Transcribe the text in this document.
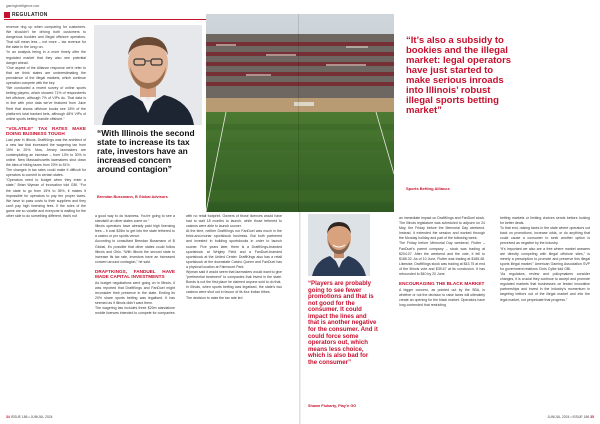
gamingintelligence.com
REGULATION

revenue ring up when comparing for customers. We shouldn’t be driving both customers to dangerous bookies and illegal offshore operators. That will mean less – not more – tax revenue for the state in the long run.

“In an analysis being in a more timely offer the regulated market that they also see potential danger ahead.

“One aspect of the Alliance response we’d refer to that we think states are underestimating the prevalence of the illegal markets, which continue operation compete with the key.

“We conducted a recent survey of online sports betting players, which showed 71% of respondents bet offshore, although 7% of VIPs do. That data is in line with prior data we’ve featured from Juice Reel that shows offshore books see 18% of the platform’s total tracked bets, although 48% VIPs of online sports betting handle offshore.”

“VOLATILE” TAX RATES MAKE DOING BUSINESS TOUGH

Last year in Illinois, DraftKings was the architect of a new law that increased the wagering tax from 15% to 20%. Now, Jersey lawmakers are contemplating an increase – from 13% to 30% in online. New Massachusetts lawmakers shut down the idea of hiking taxes from 20% to 51%.

The changes in tax rates could make it difficult for operators to commit to certain states.

“Operators need to budget when they enter a state,” Brian Wyman of Innovation told GBI. “For the state to go from 15% to 35%, it makes it impossible for operators to pay the proper taxes. We have to pass costs to their suppliers and they can’t pay high licensing fees. If the rules of the game are so volatile and everyone is waiting for the other side to do something different, that’s not

“With Illinois the second state to increase its tax rate, investors have an increased concern around contagion”
Brendan Bussmann, B Global Advisors

a good way to do business. You’re going to see a standstill on other states come on.”

Illinois operators have already paid high licensing fees – it cost $25m to get into the state tethered to a casino or pro sports venue.

According to consultant Brendan Bussmann of B Global, it’s possible that other states could follow Illinois and Ohio. “With Illinois the second state to increase its tax rate, investors have an increased concern around contagion,” he said.

DRAFTKINGS, FANDUEL HAVE MADE CAPITAL INVESTMENTS

As budget negotiations went going on in Illinois, it was reported that DraftKings and FanDuel might reconsider their presence in the state. Ending its 20% share sports betting was legalised. It has seemed as if Illinois didn’t want them.

The wagering law includes three $20m standalone mobile licences intended to compete for companies

with no retail footprint. Owners of those licences would have had to wait 18 months to launch, while those tethered to casinos were able to launch sooner.

At the time, neither DraftKings nor FanDuel was much in the brick-and-mortar sportsbook business. But both partnered and invested in building sportsbooks in order to launch sooner. Five years later, there is a DraftKings-branded sportsbook at Wrigley Field and a FanDuel-branded sportsbook at the United Center. DraftKings also has a retail sportsbook at the downstate Casino Queen and FanDuel has a physical location at Fairmount Park.

Wyman said it would seem that lawmakers would want to give “preferential treatment” to companies that invest in the state. Bonds is not the first place he claimed anyone sold to do that.

In Illinois, when sports betting was legalised, the state’s two casinos were shut out in favour of its four Indian tribes.

The decision to raise the tax rate led

34 ISSUE 186 • JUN/JUL 2024
“It’s also a subsidy to bookies and the illegal market: legal operators have just started to make serious inroads into Illinois’ robust illegal sports betting market”
Sports Betting Alliance
“Players are probably going to see fewer promotions and that is not good for the consumer. It could impact the lines and that is another negative for the consumer. And it could force some operators out, which means less choice, which is also bad for the consumer”
Shawn Fluharty, Play’n GO

an immediate impact on DraftKings and FanDuel stock. The Illinois legislature was scheduled to adjourn on 24 May, the Friday before the Memorial Day weekend. Instead, it extended the session and worked through the Monday holiday and part of the following week.

The Friday before Memorial Day weekend, Flutter – FanDuel’s parent company – stock was trading at $204.07. After the weekend and the vote, it fell to $188.32. As of 10 June, Flutter was trading at $185.48. Likewise, DraftKings stock was trading at $43.75 at end of the Illinois vote and $39.67 at its conclusion. It has rebounded to $40 by 20 June.

ENCOURAGING THE BLACK MARKET

A bigger concern, as pointed out by the SBA, is whether or not the decision to raise taxes will ultimately create an opening for the black market. Operators have long contended that restricting

betting markets or limiting choices sends bettors looking for better deals.

To that end, raising taxes in the state where operators cut back on promotions, increase odds, or do anything that could cause a consumer to seek another option is perceived as negative by the industry.

“It’s important we also are a free where market answers are directly competing with illegal offshore sites,” is merely a prescription to promote and preserve this illegal sports illegal market,” American Gaming Association SVP for government relations Chris Cylke told GBI.

“As regulators, review and policymakers consider changes, it is crucial they continue to accept and promote regulated markets that businesses on tested innovative partnerships and invest in the industry’s momentum in targeting bettors out of the illegal market and into the legal market, not perpetuate that progress.”

JUN/JUL 2024 • ISSUE 186 35
